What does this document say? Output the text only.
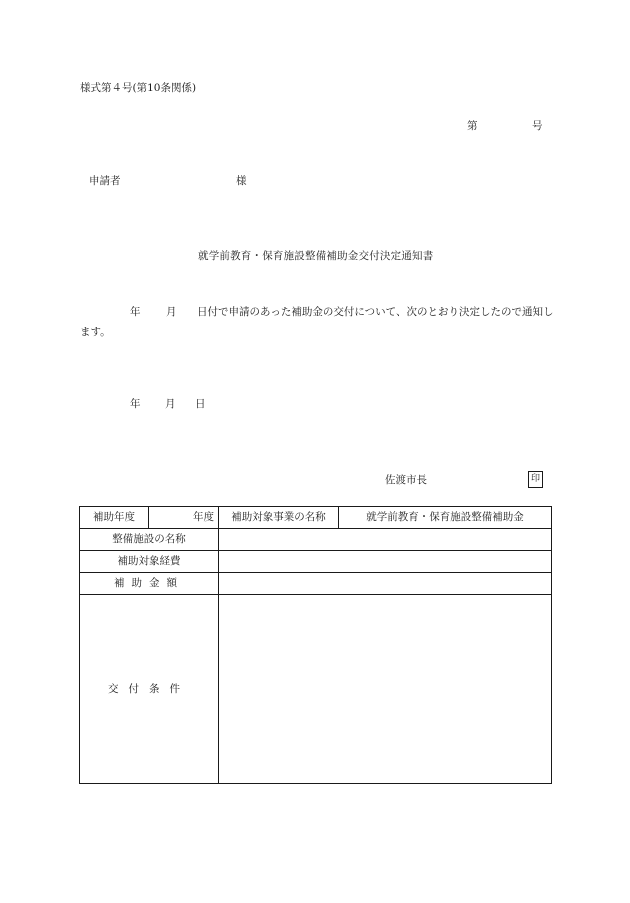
様式第４号(第10条関係)
第	号
申請者	様
就学前教育・保育施設整備補助金交付決定通知書
年 月 日付で申請のあった補助金の交付について、次のとおり決定したので通知し
ます。
年 月 日
佐渡市長	印
補助年度	年度	補助対象事業の名称	就学前教育・保育施設整備補助金
整備施設の名称			
補助対象経費			
補助金額			
交付条件			
